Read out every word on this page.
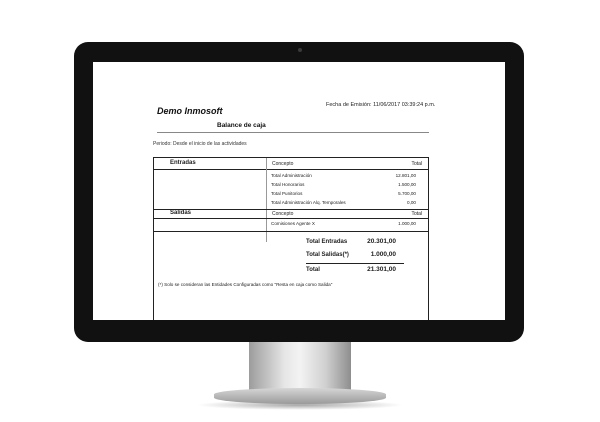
Demo Inmosoft
Fecha de Emisión: 11/06/2017 03:39:24 p.m.
Balance de caja
Periodo: Desde el inicio de las actividades
Entradas	Concepto	Total
Total Administración	12.801,00
Total Honorarios	1.500,00
Total Punitorios	5.700,00
Total Administración Alq. Temporales	0,00
Salidas	Concepto	Total
Comisiones Agente X	1.000,00
Total Entradas	20.301,00
Total Salidas(*)	1.000,00
Total	21.301,00
(*) Solo se consideran las Entidades Configuradas como "Resta en caja como Salida"
